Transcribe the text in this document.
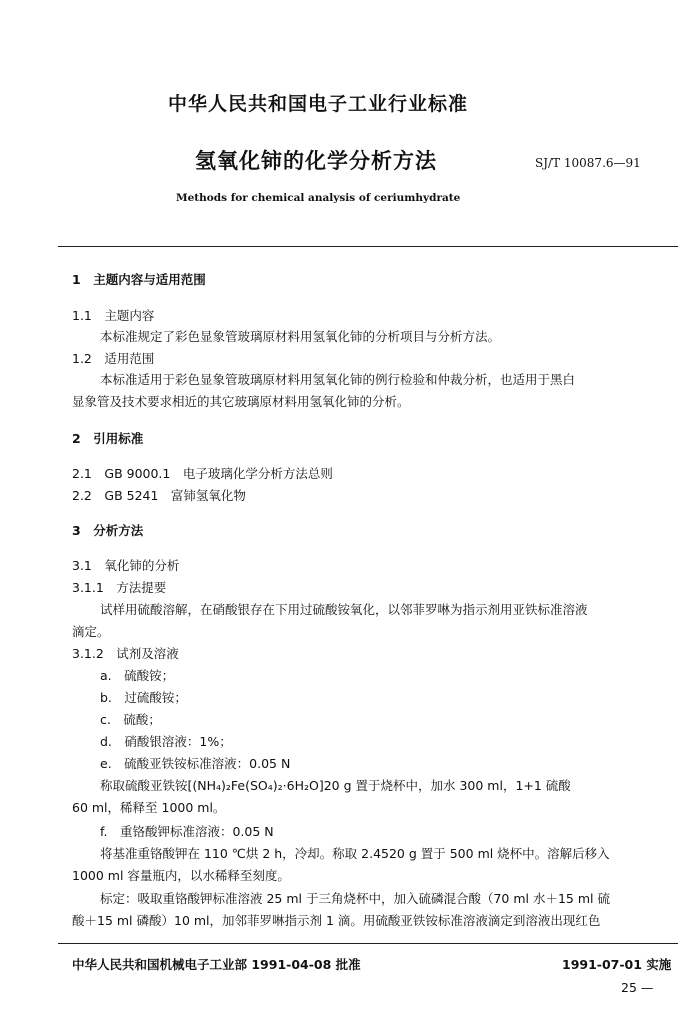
中华人民共和国电子工业行业标准
氢氧化铈的化学分析方法	SJ/T 10087.6—91
Methods for chemical analysis of ceriumhydrate
1　主题内容与适用范围
1.1　主题内容
本标准规定了彩色显象管玻璃原材料用氢氧化铈的分析项目与分析方法。
1.2　适用范围
本标准适用于彩色显象管玻璃原材料用氢氧化铈的例行检验和仲裁分析，也适用于黑白
显象管及技术要求相近的其它玻璃原材料用氢氧化铈的分析。
2　引用标准
2.1　GB 9000.1　电子玻璃化学分析方法总则
2.2　GB 5241　富铈氢氧化物
3　分析方法
3.1　氧化铈的分析
3.1.1　方法提要
试样用硫酸溶解，在硝酸银存在下用过硫酸铵氧化，以邻菲罗啉为指示剂用亚铁标准溶液
滴定。
3.1.2　试剂及溶液
a.　硫酸铵；
b.　过硫酸铵；
c.　硫酸；
d.　硝酸银溶液：1%；
e.　硫酸亚铁铵标准溶液：0.05 N
称取硫酸亚铁铵[(NH₄)₂Fe(SO₄)₂·6H₂O]20 g 置于烧杯中，加水 300 ml，1+1 硫酸
60 ml，稀释至 1000 ml。
f.　重铬酸钾标准溶液：0.05 N
将基准重铬酸钾在 110 ℃烘 2 h，冷却。称取 2.4520 g 置于 500 ml 烧杯中。溶解后移入
1000 ml 容量瓶内，以水稀释至刻度。
标定：吸取重铬酸钾标准溶液 25 ml 于三角烧杯中，加入硫磷混合酸（70 ml 水＋15 ml 硫
酸＋15 ml 磷酸）10 ml，加邻菲罗啉指示剂 1 滴。用硫酸亚铁铵标准溶液滴定到溶液出现红色
中华人民共和国机械电子工业部 1991-04-08 批准	1991-07-01 实施
25 —
